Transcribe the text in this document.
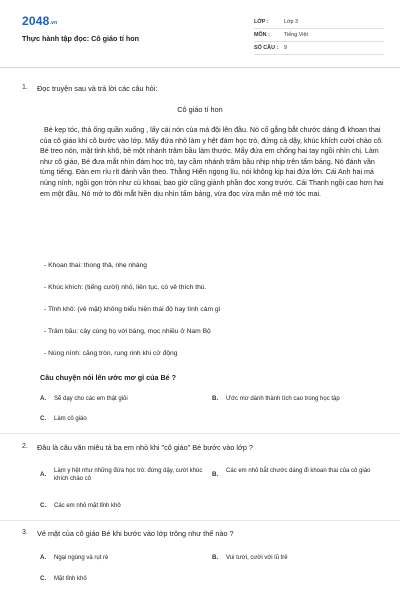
2048.vn
Thực hành tập đọc: Cô giáo tí hon
LỚP :	Lớp 3
MÔN :	Tiếng Việt
SỐ CÂU :	9
1. Đọc truyện sau và trả lời các câu hỏi:
Cô giáo tí hon
Bé kẹp tóc, thả ống quần xuống , lấy cái nón của má đội lên đầu. Nó cố gắng bắt chước dáng đi khoan thai của cô giáo khi cô bước vào lớp. Mấy đứa nhỏ làm y hệt đám học trò, đứng cả dậy, khúc khích cười chào cô. Bé treo nón, mặt tỉnh khô, bẻ một nhánh trâm bầu làm thước. Mấy đứa em chống hai tay ngồi nhìn chị. Làm như cô giáo, Bé đưa mắt nhìn đám học trò, tay cầm nhánh trâm bầu nhịp nhịp trên tấm bảng. Nó đánh vần từng tiếng. Đàn em ríu rít đánh vần theo. Thằng Hiển ngọng líu, nói không kịp hai đứa lớn. Cái Anh hai má núng nính, ngồi gọn tròn như củ khoai, bao giờ cũng giành phần đọc xong trước. Cái Thanh ngồi cao hơn hai em một đầu. Nó mở to đôi mắt hiền dịu nhìn tấm bảng, vừa đọc vừa mân mê mớ tóc mai.
- Khoan thai: thong thả, nhẹ nhàng
- Khúc khích: (tiếng cười) nhỏ, liên tục, có vẻ thích thú.
- Tỉnh khô: (vẻ mặt) không biểu hiện thái độ hay tình cảm gì
- Trâm bầu: cây cùng họ với bàng, mọc nhiều ở Nam Bộ
- Núng nính: căng tròn, rung rinh khi cử động
Câu chuyện nói lên ước mơ gì của Bé ?
A.	Sẽ dạy cho các em thật giỏi	B.	Ước mơ dành thành tích cao trong học tập
C.	Làm cô giáo
2. Đâu là câu văn miêu tả ba em nhỏ khi "cô giáo" Bé bước vào lớp ?
A.	Làm y hệt như những đứa học trò: đứng dậy, cười khúc khích chào cô
B.	Các em nhỏ bắt chước dáng đi khoan thai của cô giáo
C.	Các em nhỏ mặt tỉnh khô
3. Vẻ mặt của cô giáo Bé khi bước vào lớp trông như thế nào ?
A.	Ngại ngùng và rụt rè	B.	Vui tươi, cười với lũ trẻ
C.	Mặt tỉnh khô
